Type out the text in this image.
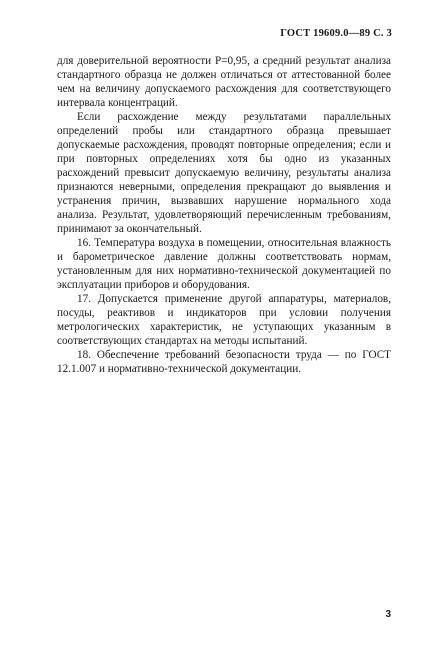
ГОСТ 19609.0—89 С. 3

для доверительной вероятности P=0,95, а средний результат анализа стандартного образца не должен отличаться от аттестованной более чем на величину допускаемого расхождения для соответствующего интервала концентраций.

Если расхождение между результатами параллельных определений пробы или стандартного образца превышает допускаемые расхождения, проводят повторные определения; если и при повторных определениях хотя бы одно из указанных расхождений превысит допускаемую величину, результаты анализа признаются неверными, определения прекращают до выявления и устранения причин, вызвавших нарушение нормального хода анализа. Результат, удовлетворяющий перечисленным требованиям, принимают за окончательный.

16. Температура воздуха в помещении, относительная влажность и барометрическое давление должны соответствовать нормам, установленным для них нормативно-технической документацией по эксплуатации приборов и оборудования.

17. Допускается применение другой аппаратуры, материалов, посуды, реактивов и индикаторов при условии получения метрологических характеристик, не уступающих указанным в соответствующих стандартах на методы испытаний.

18. Обеспечение требований безопасности труда — по ГОСТ 12.1.007 и нормативно-технической документации.

3
